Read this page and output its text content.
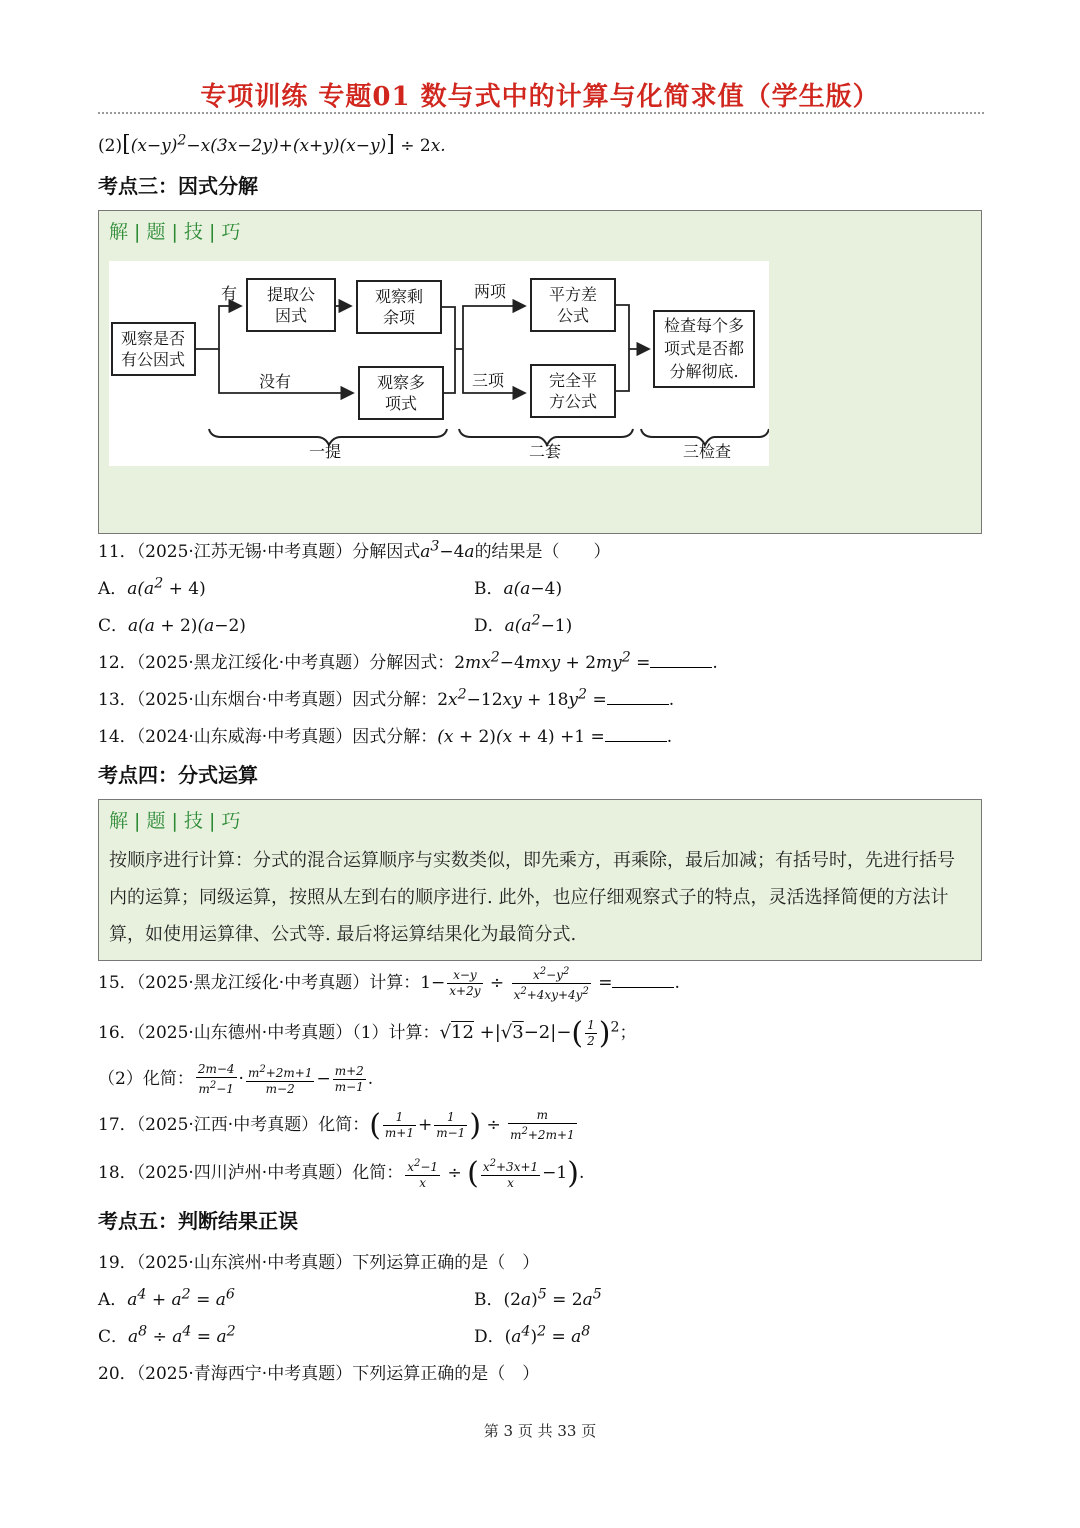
专项训练 专题01 数与式中的计算与化简求值（学生版）
$(2)[(x-y)^2-x(3x-2y)+(x+y)(x-y)] \div 2x$.
考点三：因式分解
解 | 题 | 技 | 巧
观察是否
有公因式
有
没有
提取公
因式
观察剩
余项
观察多
项式
两项
三项
平方差
公式
完全平
方公式
检查每个多
项式是否都
分解彻底.
一提	二套	三检查
11．（2025·江苏无锡·中考真题）分解因式$a^3-4a$的结果是（　　）
A．$a(a^2 + 4)$	B．a(a−4)
C．a(a + 2)(a−2)	D．$a(a^2-1)$
12．（2025·黑龙江绥化·中考真题）分解因式：$2mx^2-4mxy + 2my^2$ =	.
13．（2025·山东烟台·中考真题）因式分解：$2x^2-12xy + 18y^2$ =	.
14．（2024·山东威海·中考真题）因式分解：(x + 2)(x + 4) +1 =	.
考点四：分式运算
解 | 题 | 技 | 巧
按顺序进行计算：分式的混合运算顺序与实数类似，即先乘方，再乘除，最后加减；有括号时，先进行括号内的运算；同级运算，按照从左到右的顺序进行. 此外，也应仔细观察式子的特点，灵活选择简便的方法计算，如使用运算律、公式等. 最后将运算结果化为最简分式.
15．（2025·黑龙江绥化·中考真题）计算：$1- \frac{x-y}{x+2y} \div \frac{x^2-y^2}{x^2+4xy+4y^2}$ =	.
16．（2025·山东德州·中考真题）（1）计算：$√12 +|√3-2|-( \frac{1}{2} )^2$；
（2）化简： $\frac{2m-4}{m^2-1} \cdot \frac{m^2+2m+1}{m-2} - \frac{m+2}{m-1}$ .
17．（2025·江西·中考真题）化简：( $\frac{1}{m+1} + \frac{1}{m-1}$ ) ÷ $\frac{m}{m^2+2m+1}$
18．（2025·四川泸州·中考真题）化简： $\frac{x^2-1}{x}$ ÷ ( $\frac{x^2+3x+1}{x} -1$).
考点五：判断结果正误
19．（2025·山东滨州·中考真题）下列运算正确的是（　）
A．$a^4 + a^2 = a^6$	B．$(2a)^5 = 2a^5$
C．$a^8 \div a^4 = a^2$	D．$(a^4)^2 = a^8$
20．（2025·青海西宁·中考真题）下列运算正确的是（　）
第 3 页 共 33 页
